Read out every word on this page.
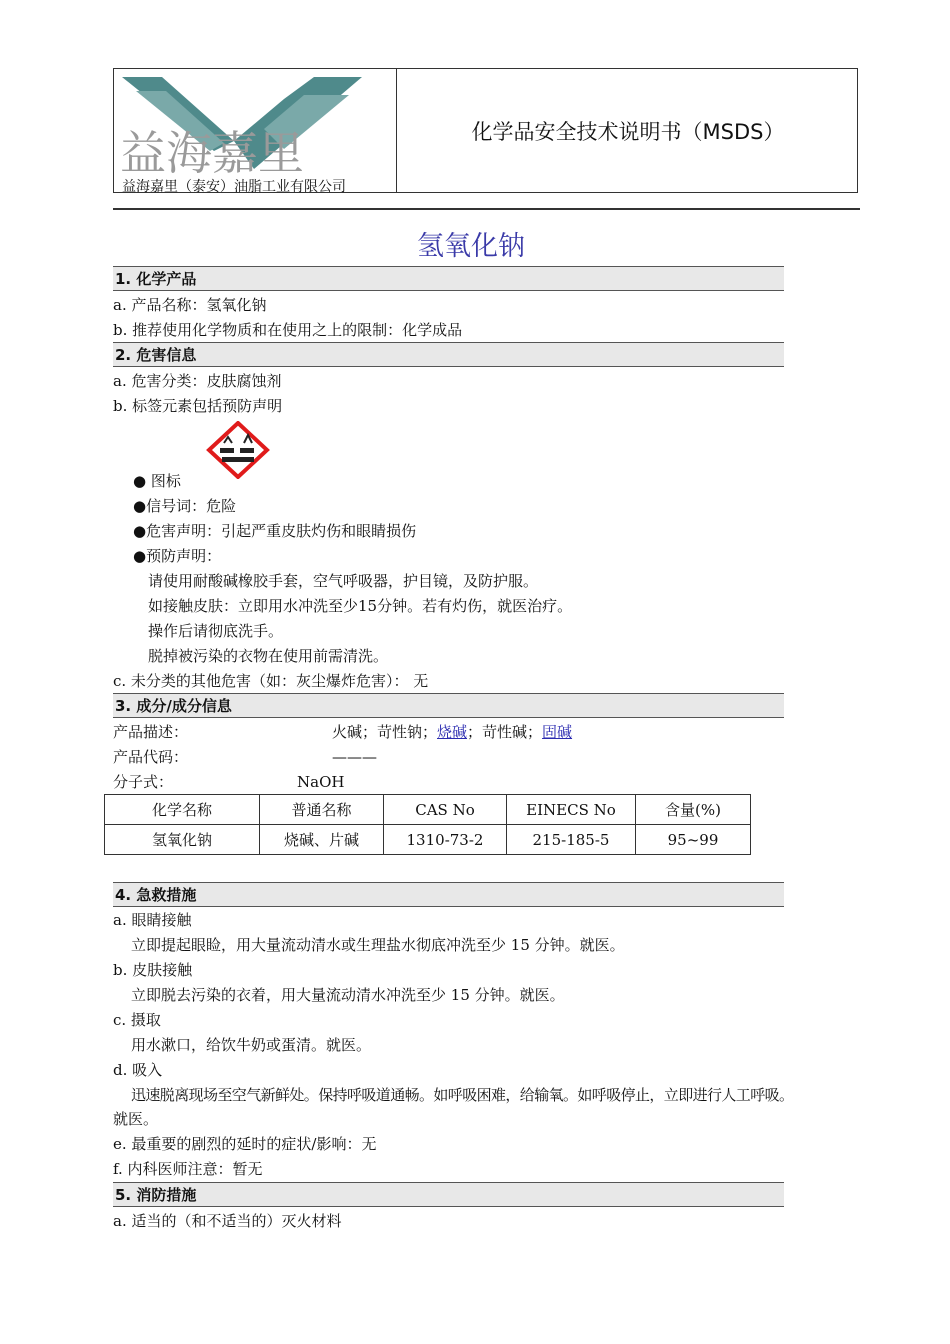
益海嘉里
益海嘉里（泰安）油脂工业有限公司
化学品安全技术说明书（MSDS）
氢氧化钠
1. 化学产品
a. 产品名称：氢氧化钠
b. 推荐使用化学物质和在使用之上的限制：化学成品
2. 危害信息
a. 危害分类：皮肤腐蚀剂
b. 标签元素包括预防声明
● 图标
●信号词：危险
●危害声明：引起严重皮肤灼伤和眼睛损伤
●预防声明：
请使用耐酸碱橡胶手套，空气呼吸器，护目镜，及防护服。
如接触皮肤：立即用水冲洗至少15分钟。若有灼伤，就医治疗。
操作后请彻底洗手。
脱掉被污染的衣物在使用前需清洗。
c. 未分类的其他危害（如：灰尘爆炸危害）： 无
3. 成分/成分信息
产品描述：	火碱；苛性钠；烧碱；苛性碱；固碱
产品代码：	———
分子式：	NaOH
化学名称	普通名称	CAS No	EINECS No	含量(%)
氢氧化钠	烧碱、片碱	1310-73-2	215-185-5	95~99
4. 急救措施
a. 眼睛接触
立即提起眼睑，用大量流动清水或生理盐水彻底冲洗至少 15 分钟。就医。
b. 皮肤接触
立即脱去污染的衣着，用大量流动清水冲洗至少 15 分钟。就医。
c. 摄取
用水漱口，给饮牛奶或蛋清。就医。
d. 吸入
迅速脱离现场至空气新鲜处。保持呼吸道通畅。如呼吸困难，给输氧。如呼吸停止，立即进行人工呼吸。
就医。
e. 最重要的剧烈的延时的症状/影响：无
f. 内科医师注意：暂无
5. 消防措施
a. 适当的（和不适当的）灭火材料
